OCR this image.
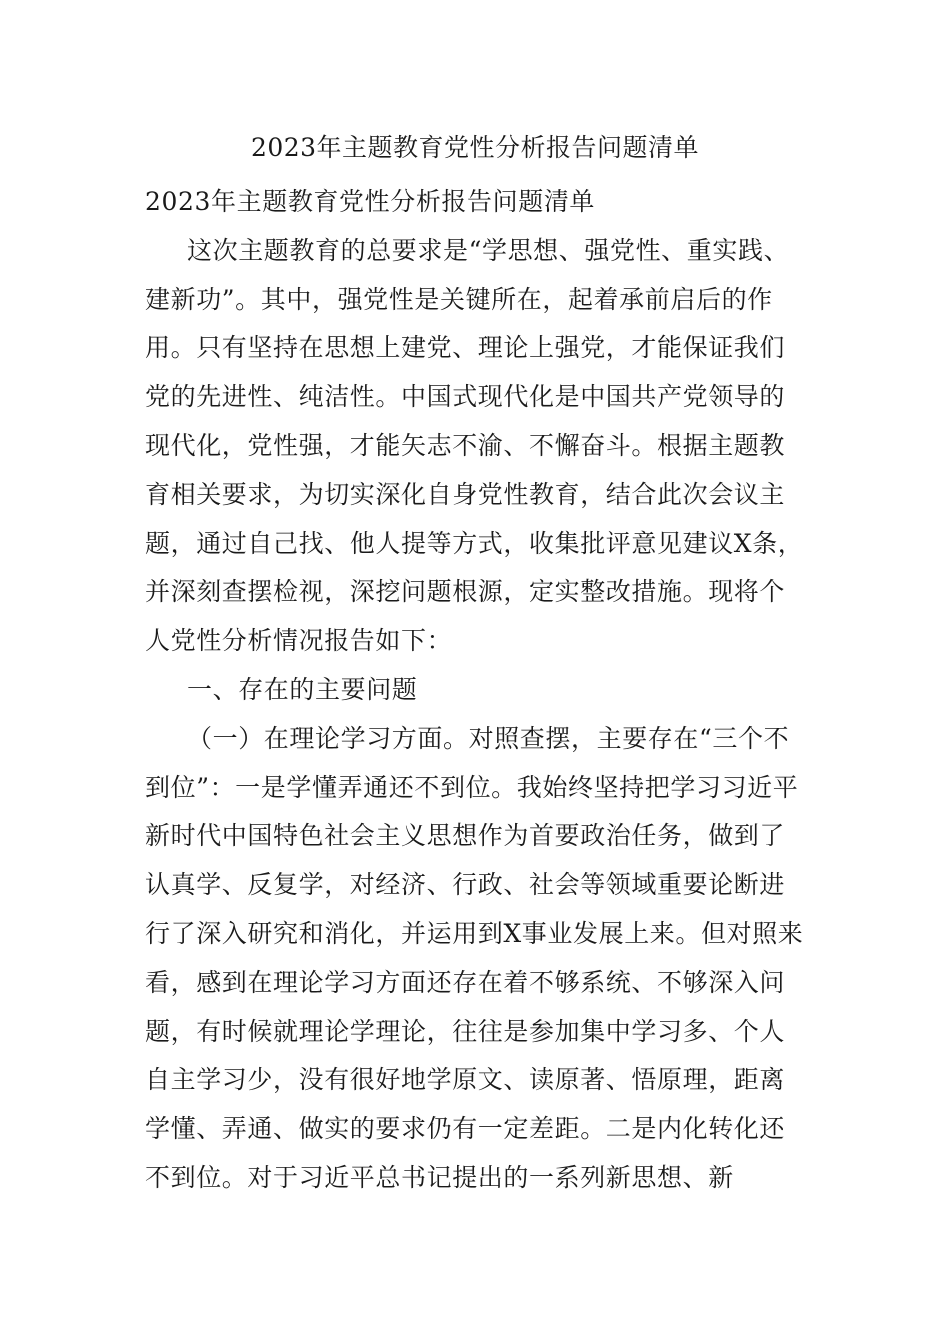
2023年主题教育党性分析报告问题清单

2023年主题教育党性分析报告问题清单

这次主题教育的总要求是“学思想、强党性、重实践、建新功”。其中，强党性是关键所在，起着承前启后的作用。只有坚持在思想上建党、理论上强党，才能保证我们党的先进性、纯洁性。中国式现代化是中国共产党领导的现代化，党性强，才能矢志不渝、不懈奋斗。根据主题教育相关要求，为切实深化自身党性教育，结合此次会议主题，通过自己找、他人提等方式，收集批评意见建议X条，并深刻查摆检视，深挖问题根源，定实整改措施。现将个人党性分析情况报告如下：

一、存在的主要问题

（一）在理论学习方面。对照查摆，主要存在“三个不到位”：一是学懂弄通还不到位。我始终坚持把学习习近平新时代中国特色社会主义思想作为首要政治任务，做到了认真学、反复学，对经济、行政、社会等领域重要论断进行了深入研究和消化，并运用到X事业发展上来。但对照来看，感到在理论学习方面还存在着不够系统、不够深入问题，有时候就理论学理论，往往是参加集中学习多、个人自主学习少，没有很好地学原文、读原著、悟原理，距离学懂、弄通、做实的要求仍有一定差距。二是内化转化还不到位。对于习近平总书记提出的一系列新思想、新
